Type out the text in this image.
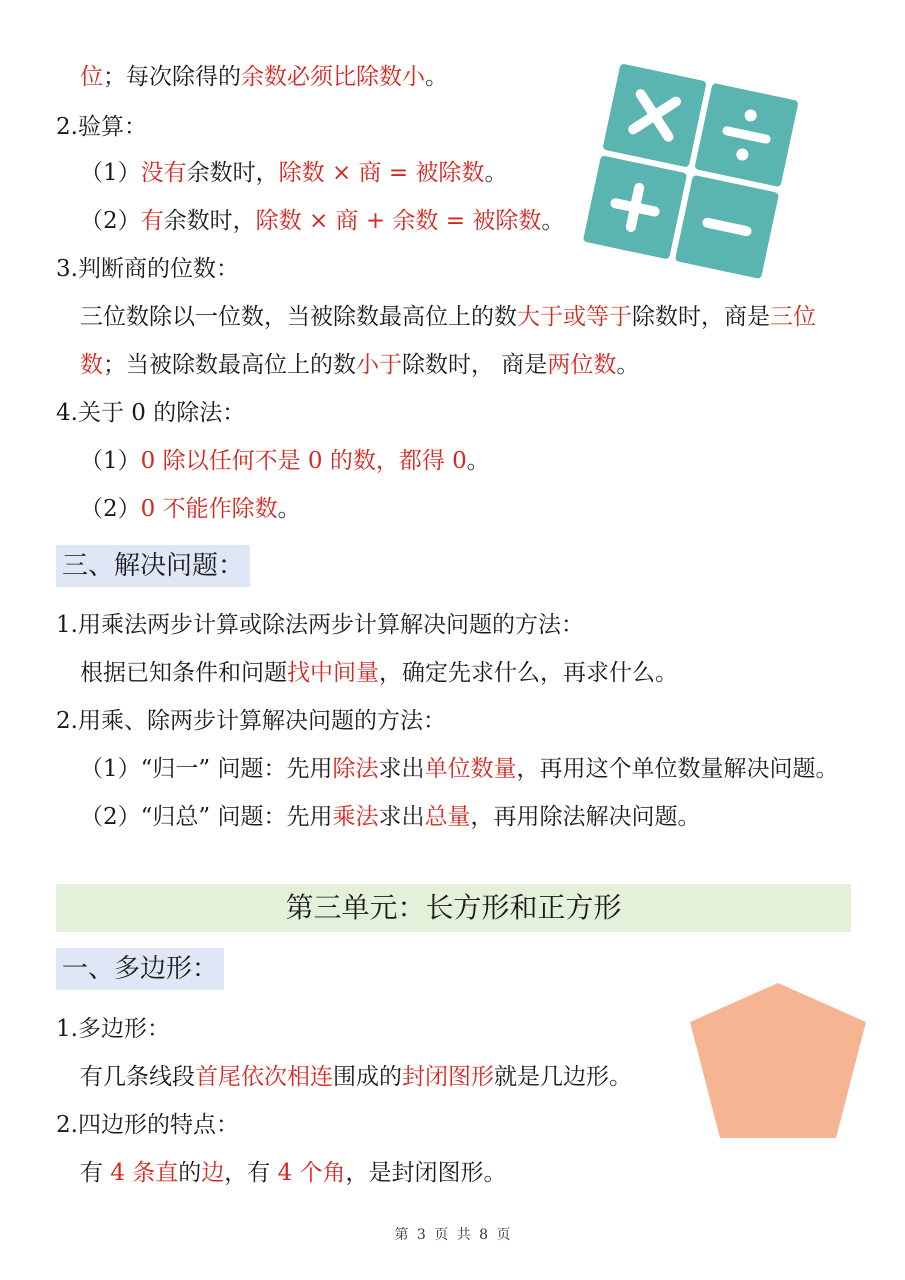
位；每次除得的余数必须比除数小。
2.验算：
（1）没有余数时，除数 × 商 = 被除数。
（2）有余数时，除数 × 商 + 余数 = 被除数。
3.判断商的位数：
三位数除以一位数，当被除数最高位上的数大于或等于除数时，商是三位
数；当被除数最高位上的数小于除数时， 商是两位数。
4.关于 0 的除法：
（1）0 除以任何不是 0 的数，都得 0。
（2）0 不能作除数。
三、解决问题：
1.用乘法两步计算或除法两步计算解决问题的方法：
根据已知条件和问题找中间量，确定先求什么，再求什么。
2.用乘、除两步计算解决问题的方法：
（1）“归一” 问题：先用除法求出单位数量，再用这个单位数量解决问题。
（2）“归总” 问题：先用乘法求出总量，再用除法解决问题。
第三单元：长方形和正方形
一、多边形：
1.多边形：
有几条线段首尾依次相连围成的封闭图形就是几边形。
2.四边形的特点：
有 4 条直的边，有 4 个角，是封闭图形。
第 3 页 共 8 页
